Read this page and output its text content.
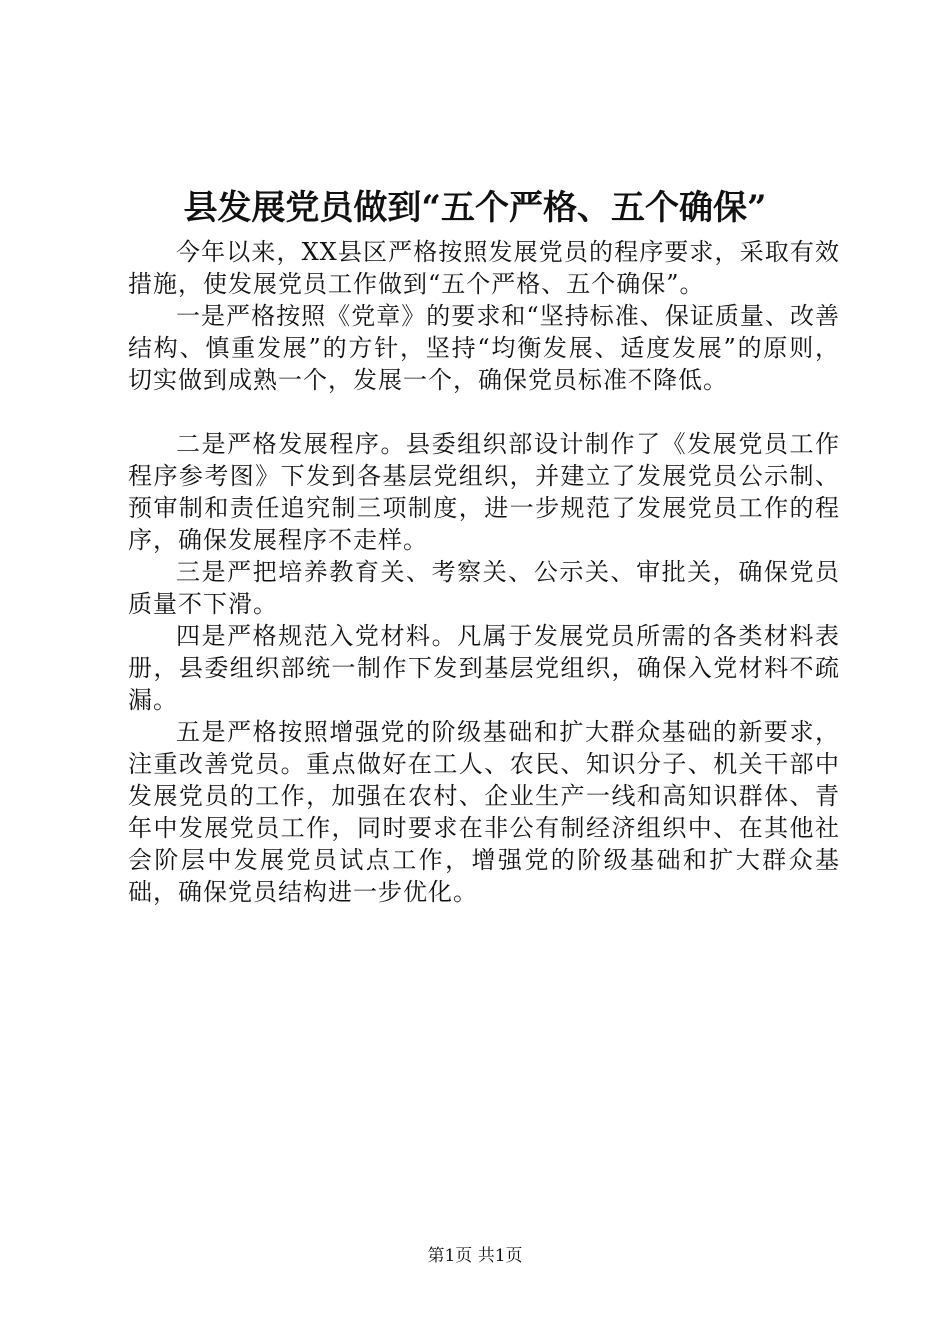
县发展党员做到“五个严格、五个确保”

今年以来，XX县区严格按照发展党员的程序要求，采取有效措施，使发展党员工作做到“五个严格、五个确保”。

一是严格按照《党章》的要求和“坚持标准、保证质量、改善结构、慎重发展”的方针，坚持“均衡发展、适度发展”的原则，切实做到成熟一个，发展一个，确保党员标准不降低。

二是严格发展程序。县委组织部设计制作了《发展党员工作程序参考图》下发到各基层党组织，并建立了发展党员公示制、预审制和责任追究制三项制度，进一步规范了发展党员工作的程序，确保发展程序不走样。

三是严把培养教育关、考察关、公示关、审批关，确保党员质量不下滑。

四是严格规范入党材料。凡属于发展党员所需的各类材料表册，县委组织部统一制作下发到基层党组织，确保入党材料不疏漏。

五是严格按照增强党的阶级基础和扩大群众基础的新要求，注重改善党员。重点做好在工人、农民、知识分子、机关干部中发展党员的工作，加强在农村、企业生产一线和高知识群体、青年中发展党员工作，同时要求在非公有制经济组织中、在其他社会阶层中发展党员试点工作，增强党的阶级基础和扩大群众基础，确保党员结构进一步优化。

第1页 共1页
